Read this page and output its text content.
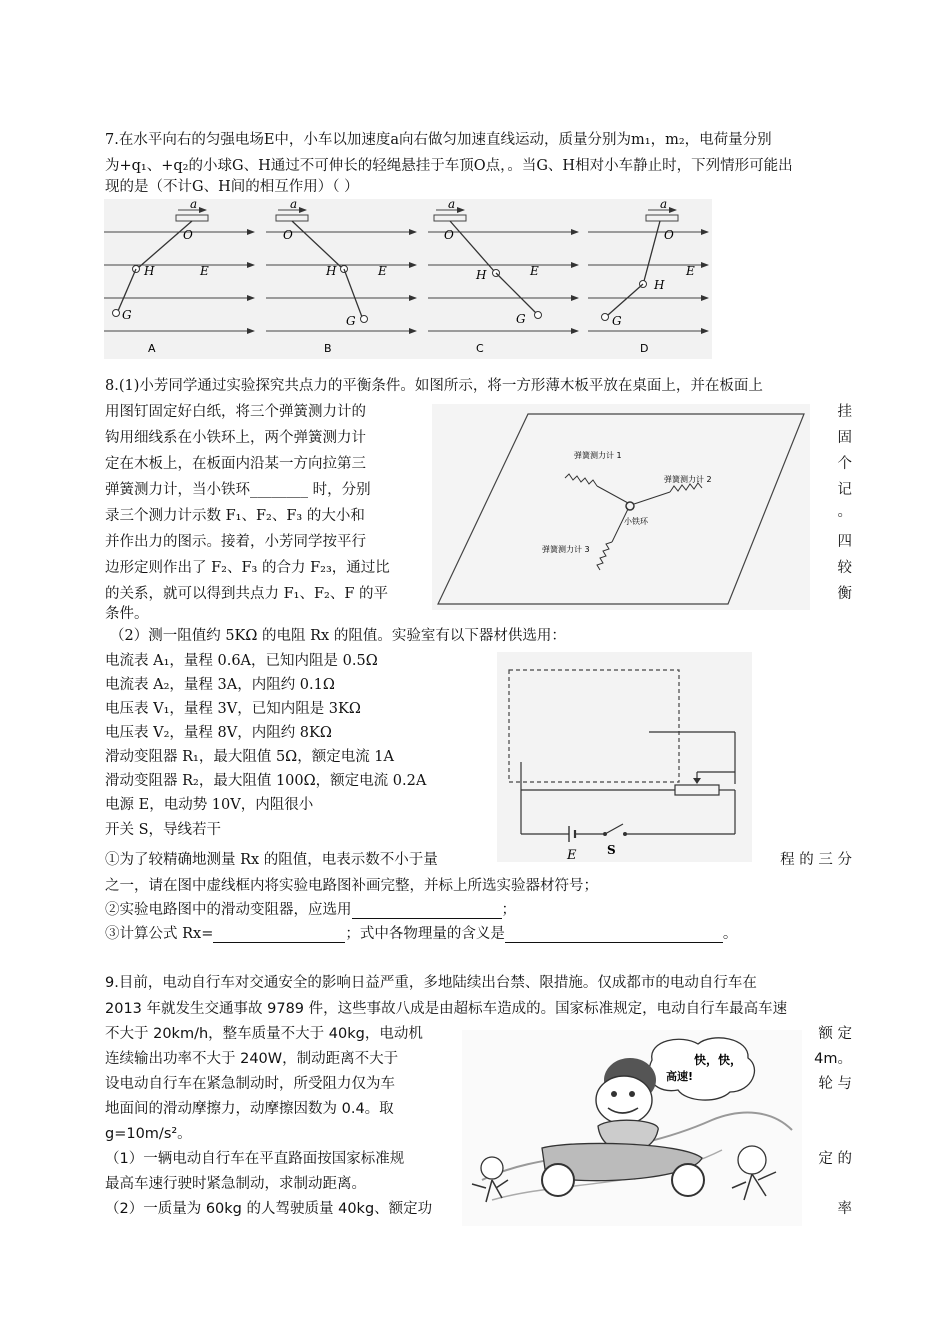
7.在水平向右的匀强电场E中，小车以加速度a向右做匀加速直线运动，质量分别为m₁，m₂，电荷量分别
为+q₁、+q₂的小球G、H通过不可伸长的轻绳悬挂于车顶O点，。当G、H相对小车静止时，下列情形可能出
现的是（不计G、H间的相互作用）（ ）
a
O
H
G
E
A
a
O
H
G
E
B
a
O
H
G
E
C
a
O
H
G
E
D
8.(1)小芳同学通过实验探究共点力的平衡条件。如图所示，将一方形薄木板平放在桌面上，并在板面上
用图钉固定好白纸，将三个弹簧测力计的
钩用细线系在小铁环上，两个弹簧测力计
定在木板上，在板面内沿某一方向拉第三
弹簧测力计，当小铁环________ 时，分别
录三个测力计示数 F₁、F₂、F₃ 的大小和
并作出力的图示。接着，小芳同学按平行
边形定则作出了 F₂、F₃ 的合力 F₂₃，通过比
的关系，就可以得到共点力 F₁、F₂、F 的平
条件。
挂
固
个
记
。
四
较
衡
弹簧测力计 1
弹簧测力计 2
弹簧测力计 3
小铁环
（2）测一阻值约 5KΩ 的电阻 Rx 的阻值。实验室有以下器材供选用：
电流表 A₁，量程 0.6A，已知内阻是 0.5Ω
电流表 A₂，量程 3A，内阻约 0.1Ω
电压表 V₁，量程 3V，已知内阻是 3KΩ
电压表 V₂，量程 8V，内阻约 8KΩ
滑动变阻器 R₁，最大阻值 5Ω，额定电流 1A
滑动变阻器 R₂，最大阻值 100Ω，额定电流 0.2A
电源 E，电动势 10V，内阻很小
开关 S，导线若干
E	S
①为了较精确地测量 Rx 的阻值，电表示数不小于量	程 的 三 分
之一，请在图中虚线框内将实验电路图补画完整，并标上所选实验器材符号；
②实验电路图中的滑动变阻器，应选用	；
③计算公式 Rx=	；式中各物理量的含义是	。
9.目前，电动自行车对交通安全的影响日益严重，多地陆续出台禁、限措施。仅成都市的电动自行车在
2013 年就发生交通事故 9789 件，这些事故八成是由超标车造成的。国家标准规定，电动自行车最高车速
不大于 20km/h，整车质量不大于 40kg，电动机
连续输出功率不大于 240W，制动距离不大于
设电动自行车在紧急制动时，所受阻力仅为车
地面间的滑动摩擦力，动摩擦因数为 0.4。取
g=10m/s²。
（1）一辆电动自行车在平直路面按国家标准规
最高车速行驶时紧急制动，求制动距离。
（2）一质量为 60kg 的人驾驶质量 40kg、额定功
额 定
4m。
轮 与
定 的
率
快，快，
高速!
